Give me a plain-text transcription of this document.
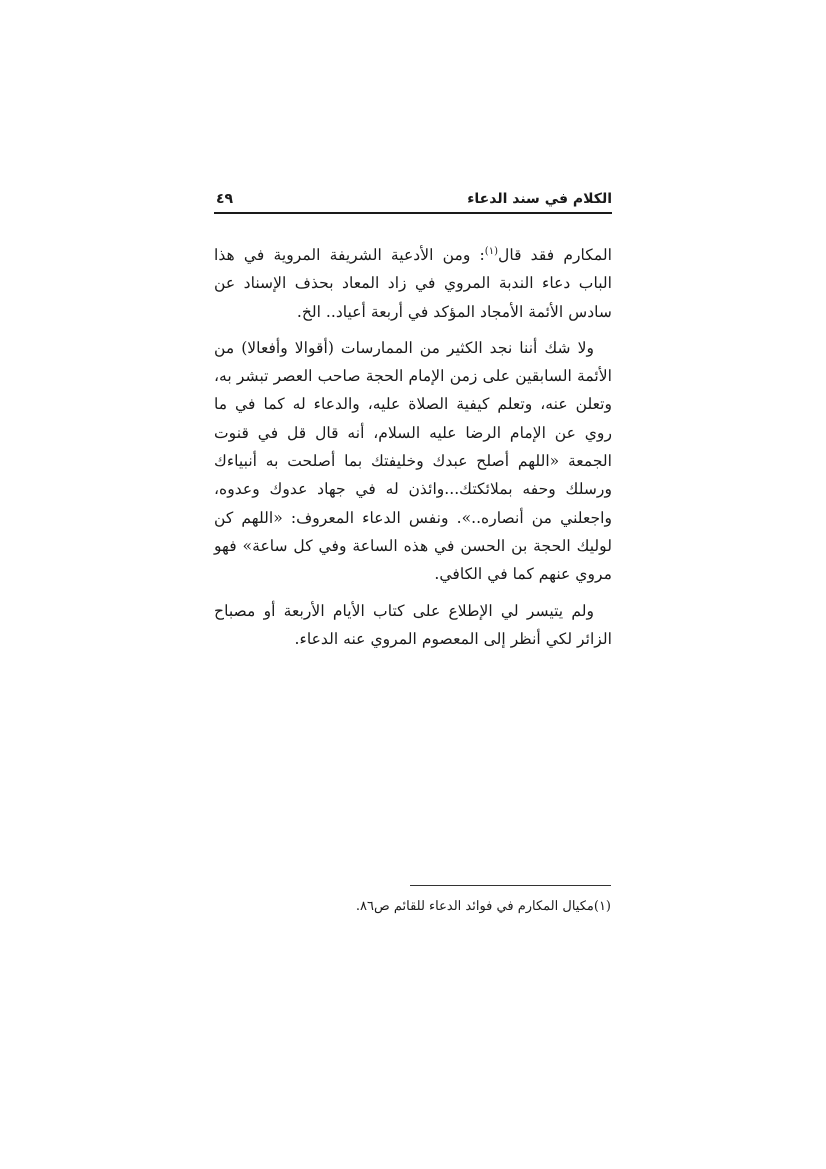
الكلام في سند الدعاء
٤٩

المكارم فقد قال$^{(١)}$: ومن الأدعية الشريفة المروية في هذا الباب دعاء الندبة المروي في زاد المعاد بحذف الإسناد عن سادس الأئمة الأمجاد المؤكد في أربعة أعياد.. الخ.

ولا شك أننا نجد الكثير من الممارسات (أقوالا وأفعالا) من الأئمة السابقين على زمن الإمام الحجة صاحب العصر تبشر به، وتعلن عنه، وتعلم كيفية الصلاة عليه، والدعاء له كما في ما روي عن الإمام الرضا عليه السلام، أنه قال قل في قنوت الجمعة «اللهم أصلح عبدك وخليفتك بما أصلحت به أنبياءك ورسلك وحفه بملائكتك...وائذن له في جهاد عدوك وعدوه، واجعلني من أنصاره..». ونفس الدعاء المعروف: «اللهم كن لوليك الحجة بن الحسن في هذه الساعة وفي كل ساعة» فهو مروي عنهم كما في الكافي.

ولم يتيسر لي الإطلاع على كتاب الأيام الأربعة أو مصباح الزائر لكي أنظر إلى المعصوم المروي عنه الدعاء.

(١)مكيال المكارم في فوائد الدعاء للقائم ص٨٦.
